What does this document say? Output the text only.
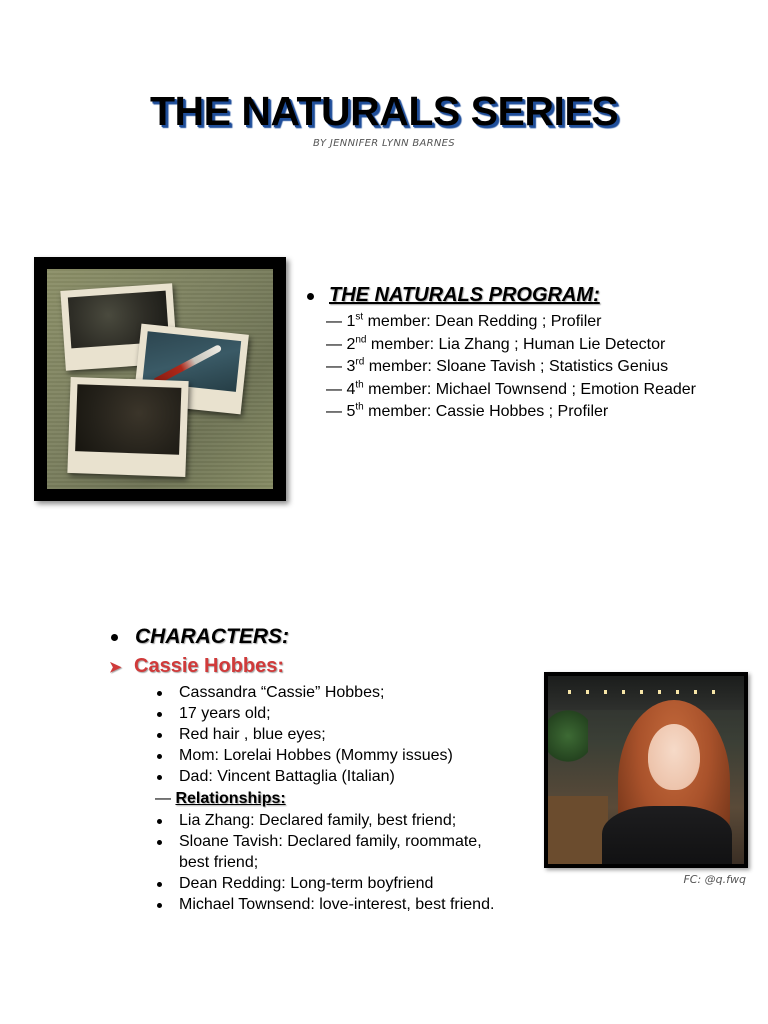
THE NATURALS SERIES
BY JENNIFER LYNN BARNES
THE NATURALS PROGRAM:
— 1st member: Dean Redding ; Profiler
— 2nd member: Lia Zhang ; Human Lie Detector
— 3rd member: Sloane Tavish ; Statistics Genius
— 4th member: Michael Townsend ; Emotion Reader
— 5th member: Cassie Hobbes ; Profiler
CHARACTERS:
➤ Cassie Hobbes:
Cassandra “Cassie” Hobbes;
17 years old;
Red hair , blue eyes;
Mom: Lorelai Hobbes (Mommy issues)
Dad: Vincent Battaglia (Italian)
— Relationships:
Lia Zhang: Declared family, best friend;
Sloane Tavish: Declared family, roommate, best friend;
Dean Redding: Long-term boyfriend
Michael Townsend: love-interest, best friend.
FC: @q.fwq
